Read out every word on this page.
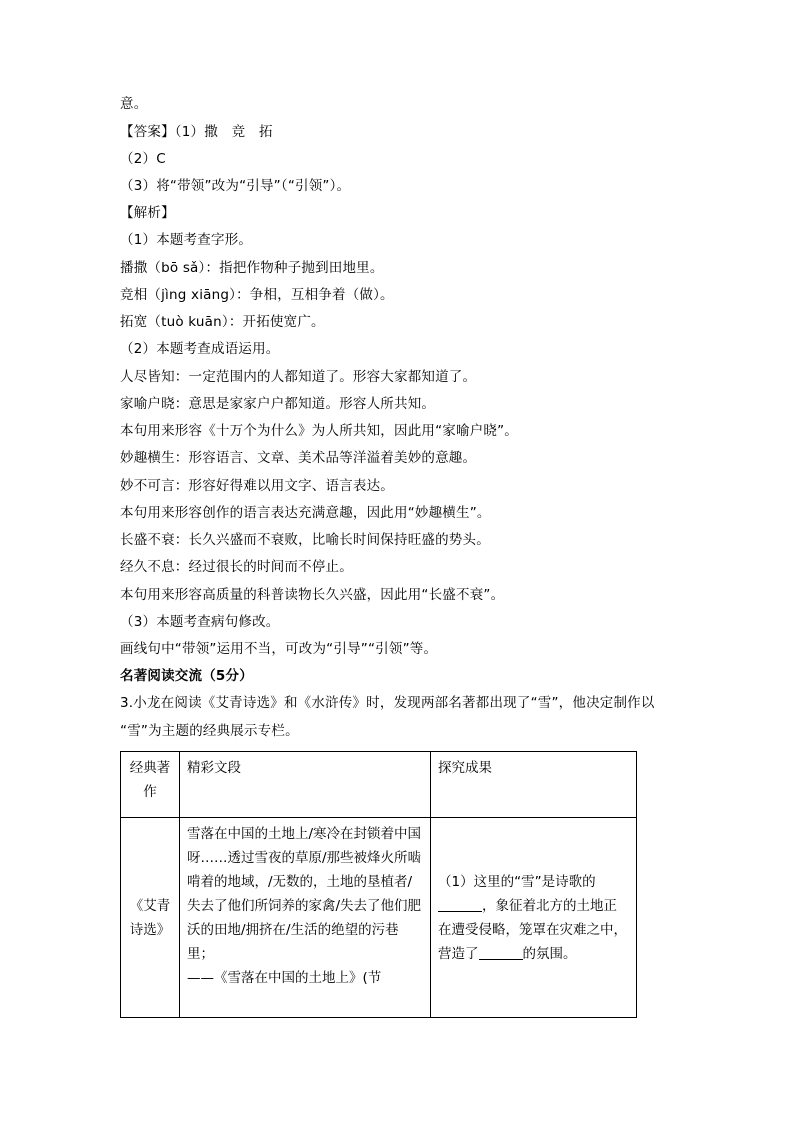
意。
【答案】（1）撒　竞　拓
（2）C
（3）将“带领”改为“引导”（“引领”）。
【解析】
（1）本题考查字形。
播撒（bō sǎ）：指把作物种子抛到田地里。
竞相（jìng xiāng）：争相，互相争着（做）。
拓宽（tuò kuān）：开拓使宽广。
（2）本题考查成语运用。
人尽皆知：一定范围内的人都知道了。形容大家都知道了。
家喻户晓：意思是家家户户都知道。形容人所共知。
本句用来形容《十万个为什么》为人所共知，因此用“家喻户晓”。
妙趣横生：形容语言、文章、美术品等洋溢着美妙的意趣。
妙不可言：形容好得难以用文字、语言表达。
本句用来形容创作的语言表达充满意趣，因此用“妙趣横生”。
长盛不衰：长久兴盛而不衰败，比喻长时间保持旺盛的势头。
经久不息：经过很长的时间而不停止。
本句用来形容高质量的科普读物长久兴盛，因此用“长盛不衰”。
（3）本题考查病句修改。
画线句中“带领”运用不当，可改为“引导”“引领”等。
名著阅读交流（5分）
3.小龙在阅读《艾青诗选》和《水浒传》时，发现两部名著都出现了“雪”，他决定制作以
“雪”为主题的经典展示专栏。
经典著作	精彩文段	探究成果
《艾青诗选》	雪落在中国的土地上/寒冷在封锁着中国呀……透过雪夜的草原/那些被烽火所啮啃着的地域，/无数的，土地的垦植者/失去了他们所饲养的家禽/失去了他们肥沃的田地/拥挤在/生活的绝望的污巷里；
——《雪落在中国的土地上》(节	（1）这里的“雪”是诗歌的
，象征着北方的土地正在遭受侵略，笼罩在灾难之中，营造了 的氛围。
